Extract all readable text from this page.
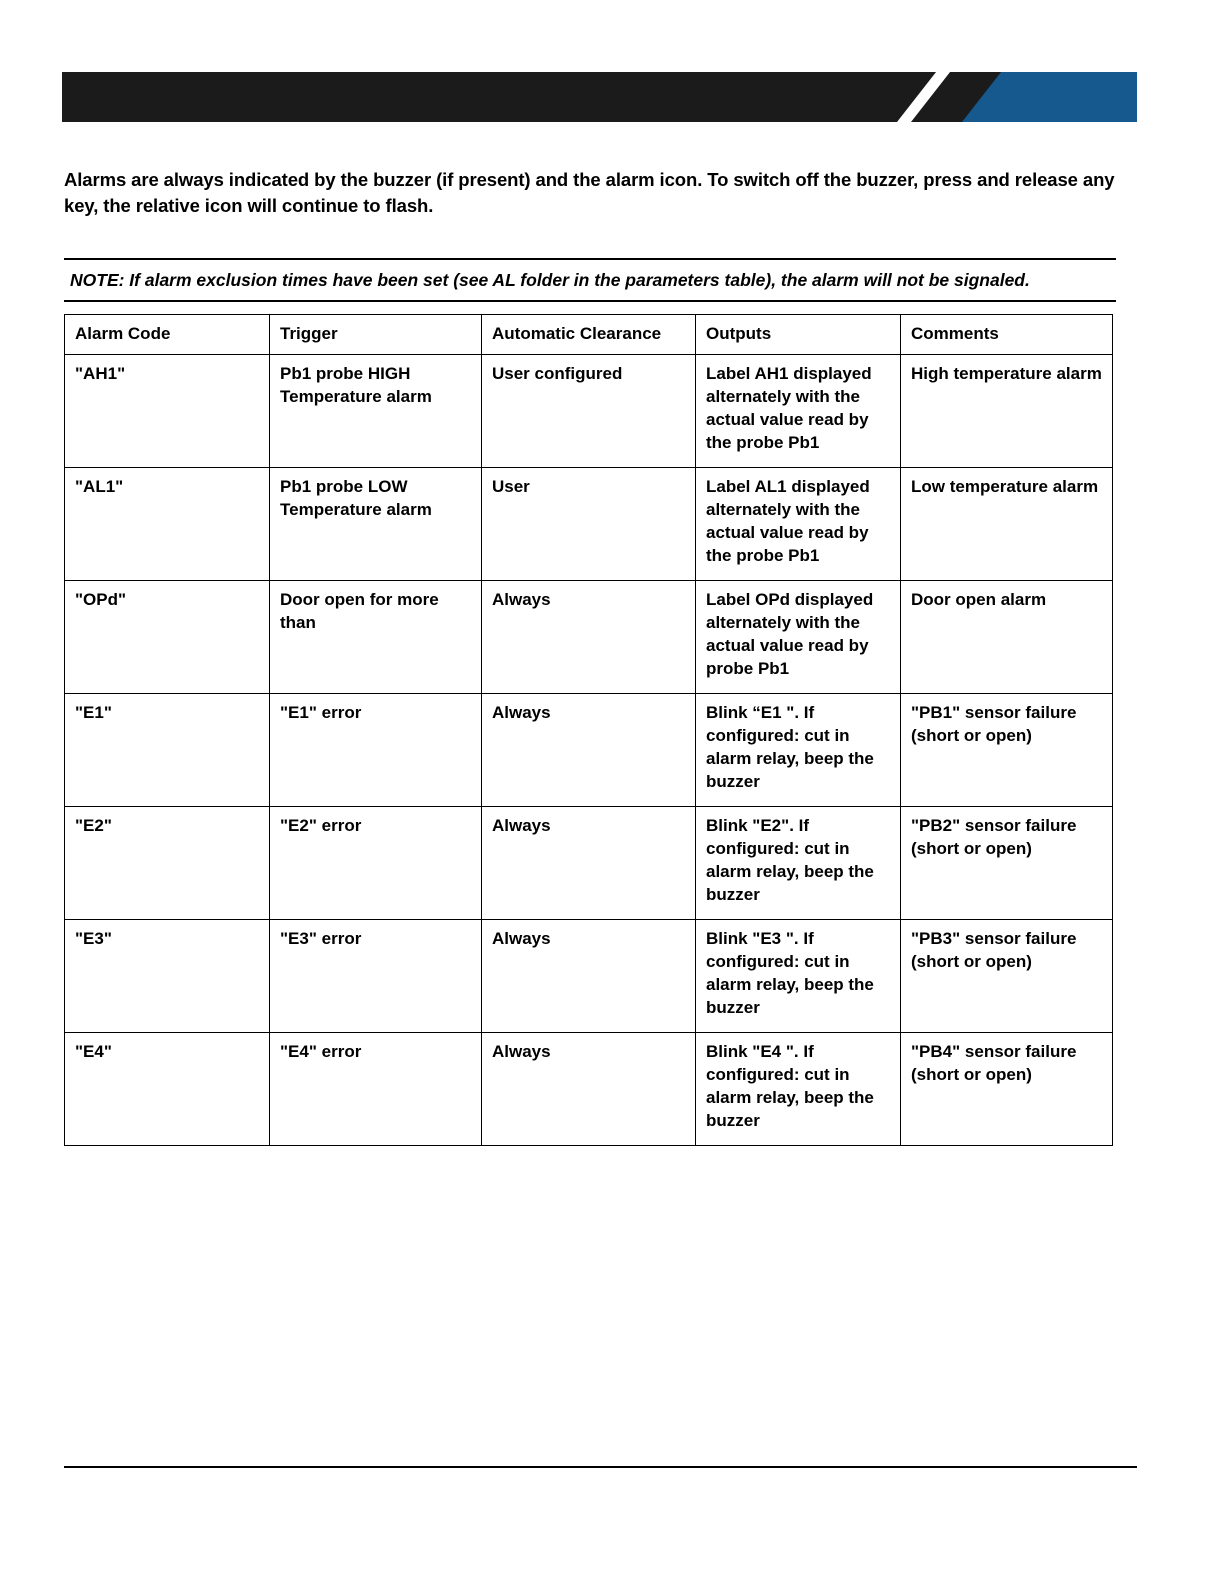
Alarms are always indicated by the buzzer (if present) and the alarm icon. To switch off the buzzer, press and release any key, the relative icon will continue to flash.

NOTE: If alarm exclusion times have been set (see AL folder in the parameters table), the alarm will not be signaled.
Alarm Code	Trigger	Automatic Clearance	Outputs	Comments
"AH1"	Pb1 probe HIGH Temperature alarm	User configured	Label AH1 displayed alternately with the actual value read by the probe Pb1	High temperature alarm
"AL1"	Pb1 probe LOW Temperature alarm	User	Label AL1 displayed alternately with the actual value read by the probe Pb1	Low temperature alarm
"OPd"	Door open for more than	Always	Label OPd displayed alternately with the actual value read by probe Pb1	Door open alarm
"E1"	"E1" error	Always	Blink “E1 ". If configured: cut in alarm relay, beep the buzzer	"PB1" sensor failure (short or open)
"E2"	"E2" error	Always	Blink "E2". If configured: cut in alarm relay, beep the buzzer	"PB2" sensor failure (short or open)
"E3"	"E3" error	Always	Blink "E3 ". If configured: cut in alarm relay, beep the buzzer	"PB3" sensor failure (short or open)
"E4"	"E4" error	Always	Blink "E4 ". If configured: cut in alarm relay, beep the buzzer	"PB4" sensor failure (short or open)
